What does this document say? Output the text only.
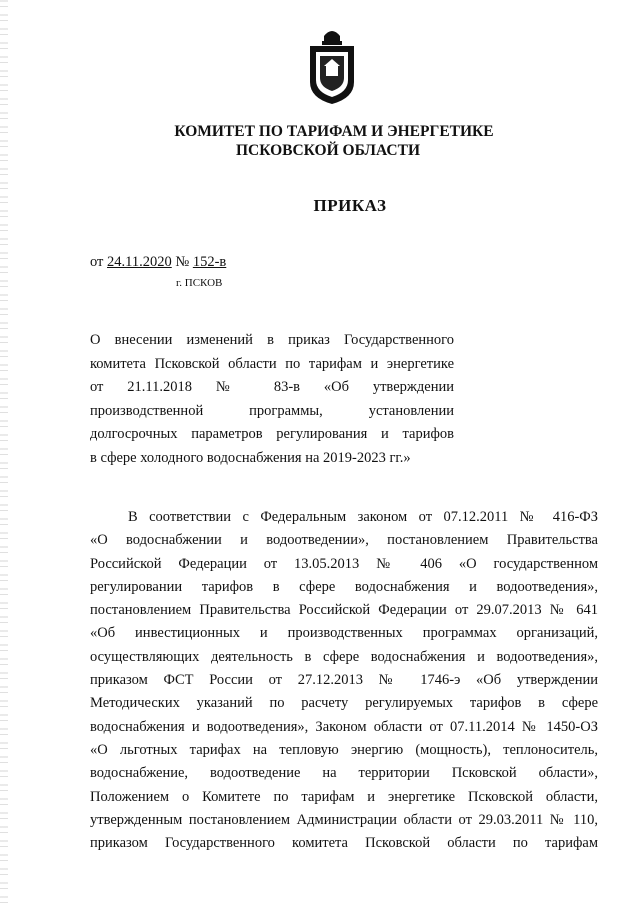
КОМИТЕТ ПО ТАРИФАМ И ЭНЕРГЕТИКЕ
ПСКОВСКОЙ ОБЛАСТИ
ПРИКАЗ
от 24.11.2020 № 152-в
г. ПСКОВ
О внесении изменений в приказ Государственного
комитета Псковской области по тарифам и энергетике
от 21.11.2018 № 83-в «Об утверждении
производственной программы, установлении
долгосрочных параметров регулирования и тарифов
в сфере холодного водоснабжения на 2019-2023 гг.»
В соответствии с Федеральным законом от 07.12.2011 № 416-ФЗ
«О водоснабжении и водоотведении», постановлением Правительства
Российской Федерации от 13.05.2013 № 406 «О государственном
регулировании тарифов в сфере водоснабжения и водоотведения»,
постановлением Правительства Российской Федерации от 29.07.2013 № 641
«Об инвестиционных и производственных программах организаций,
осуществляющих деятельность в сфере водоснабжения и водоотведения»,
приказом ФСТ России от 27.12.2013 № 1746-э «Об утверждении
Методических указаний по расчету регулируемых тарифов в сфере
водоснабжения и водоотведения», Законом области от 07.11.2014 № 1450-ОЗ
«О льготных тарифах на тепловую энергию (мощность), теплоноситель,
водоснабжение, водоотведение на территории Псковской области»,
Положением о Комитете по тарифам и энергетике Псковской области,
утвержденным постановлением Администрации области от 29.03.2011 № 110,
приказом Государственного комитета Псковской области по тарифам
